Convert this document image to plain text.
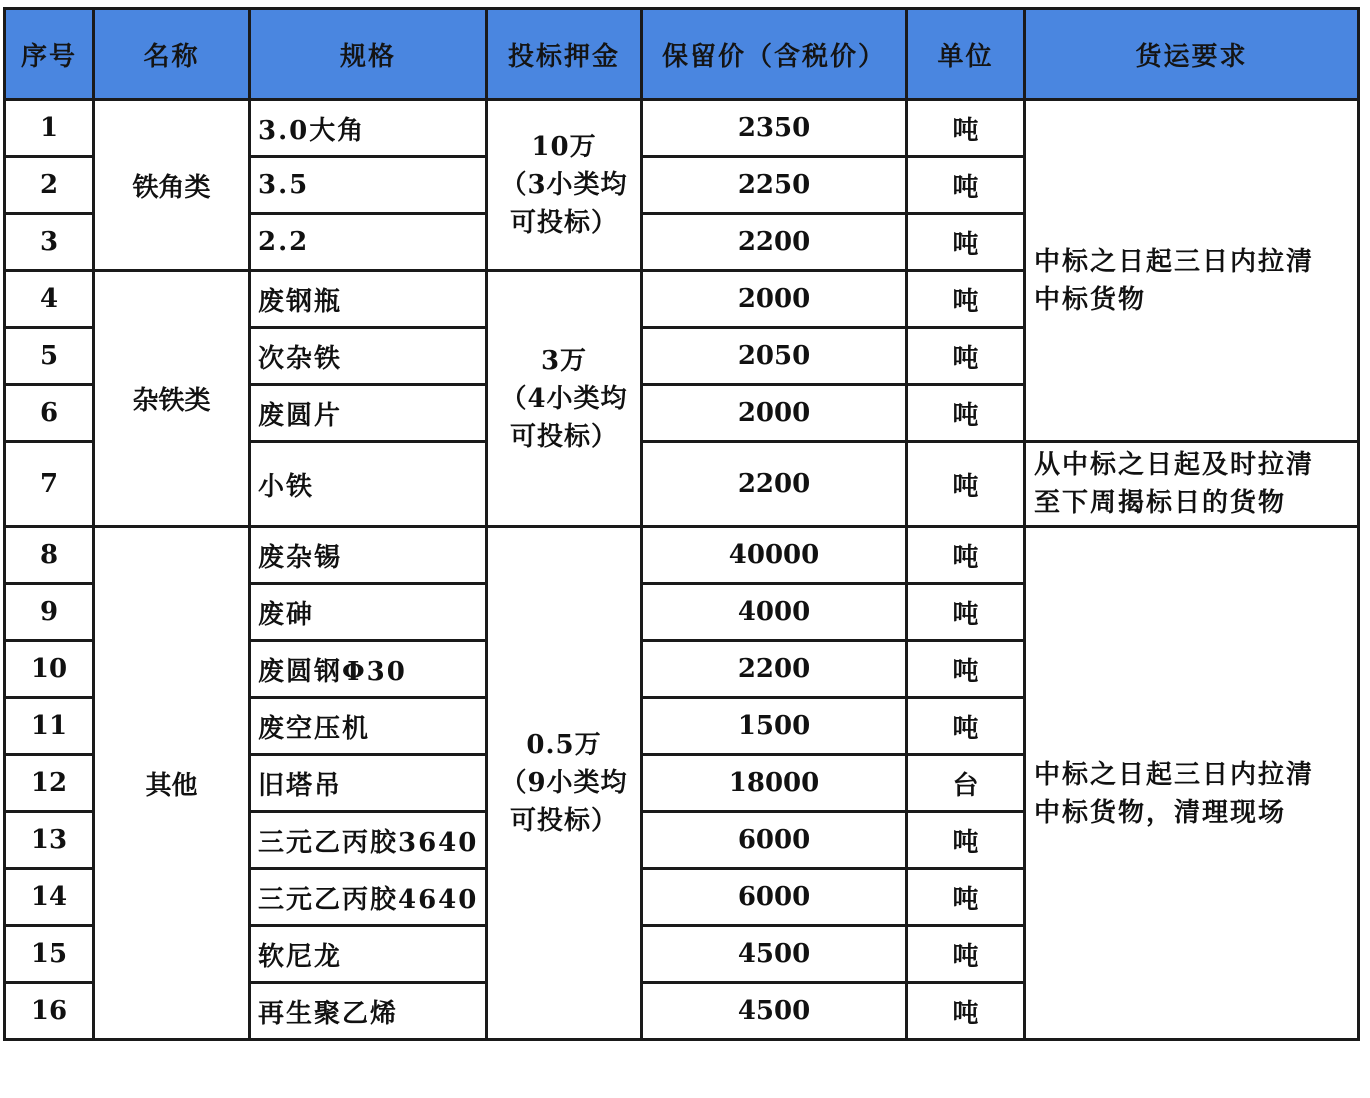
序号	名称	规格	投标押金	保留价（含税价）	单位	货运要求
1	铁角类	3.0大角	10万
（3小类均
可投标）	2350	吨	中标之日起三日内拉清
中标货物

2		3.5		2250	吨	
3		2.2		2200	吨	
4	杂铁类	废钢瓶	3万
（4小类均
可投标）	2000	吨	
5		次杂铁		2050	吨	
6		废圆片		2000	吨	
7		小铁		2200	吨	从中标之日起及时拉清
至下周揭标日的货物

8	其他	废杂锡	0.5万
（9小类均
可投标）	40000	吨	中标之日起三日内拉清
中标货物，清理现场

9		废砷		4000	吨	
10		废圆钢Φ30		2200	吨	
11		废空压机		1500	吨	
12		旧塔吊		18000	台	
13		三元乙丙胶3640		6000	吨	
14		三元乙丙胶4640		6000	吨	
15		软尼龙		4500	吨	
16		再生聚乙烯		4500	吨	
